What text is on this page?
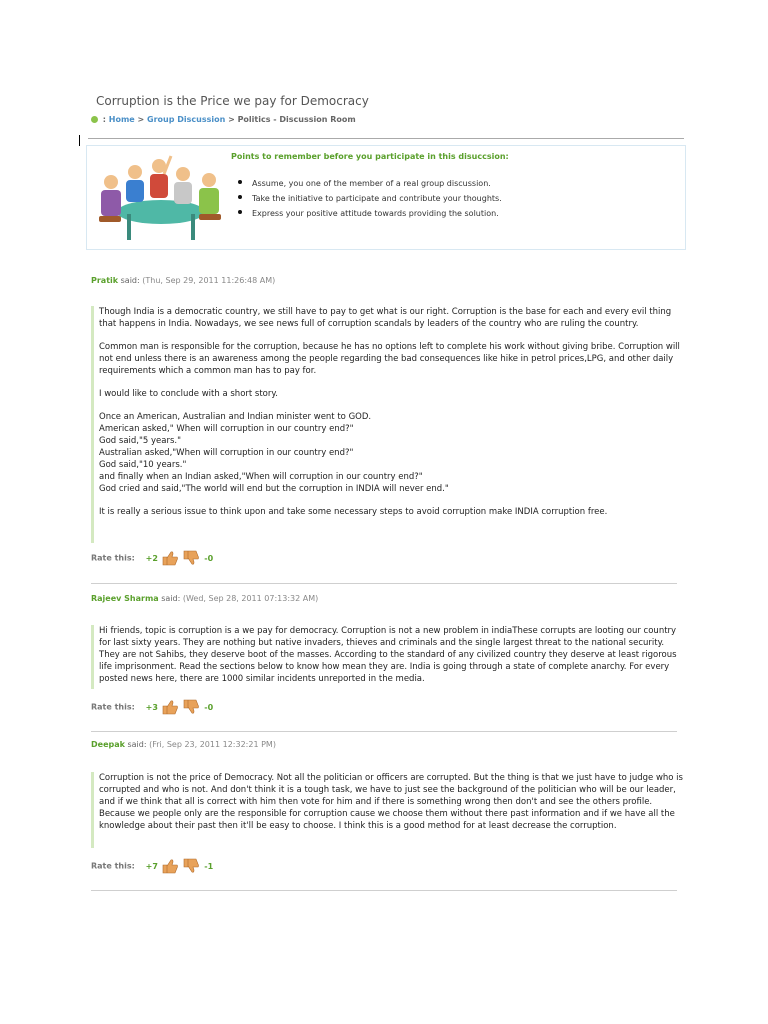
Corruption is the Price we pay for Democracy
: Home > Group Discussion > Politics - Discussion Room
Points to remember before you participate in this disuccsion:
Assume, you one of the member of a real group discussion.
Take the initiative to participate and contribute your thoughts.
Express your positive attitude towards providing the solution.
Pratik said: (Thu, Sep 29, 2011 11:26:48 AM)

Though India is a democratic country, we still have to pay to get what is our right. Corruption is the base for each and every evil thing that happens in India. Nowadays, we see news full of corruption scandals by leaders of the country who are ruling the country.

Common man is responsible for the corruption, because he has no options left to complete his work without giving bribe. Corruption will not end unless there is an awareness among the people regarding the bad consequences like hike in petrol prices,LPG, and other daily requirements which a common man has to pay for.

I would like to conclude with a short story.

Once an American, Australian and Indian minister went to GOD.
American asked," When will corruption in our country end?"
God said,"5 years."
Australian asked,"When will corruption in our country end?"
God said,"10 years."
and finally when an Indian asked,"When will corruption in our country end?"
God cried and said,"The world will end but the corruption in INDIA will never end."

It is really a serious issue to think upon and take some necessary steps to avoid corruption make INDIA corruption free.

Rate this: +2	-0
Rajeev Sharma said: (Wed, Sep 28, 2011 07:13:32 AM)

Hi friends, topic is corruption is a we pay for democracy. Corruption is not a new problem in indiaThese corrupts are looting our country for last sixty years. They are nothing but native invaders, thieves and criminals and the single largest threat to the national security. They are not Sahibs, they deserve boot of the masses. According to the standard of any civilized country they deserve at least rigorous life imprisonment. Read the sections below to know how mean they are. India is going through a state of complete anarchy. For every posted news here, there are 1000 similar incidents unreported in the media.

Rate this: +3	-0
Deepak said: (Fri, Sep 23, 2011 12:32:21 PM)

Corruption is not the price of Democracy. Not all the politician or officers are corrupted. But the thing is that we just have to judge who is corrupted and who is not. And don't think it is a tough task, we have to just see the background of the politician who will be our leader, and if we think that all is correct with him then vote for him and if there is something wrong then don't and see the others profile. Because we people only are the responsible for corruption cause we choose them without there past information and if we have all the knowledge about their past then it'll be easy to choose. I think this is a good method for at least decrease the corruption.

Rate this: +7	-1
